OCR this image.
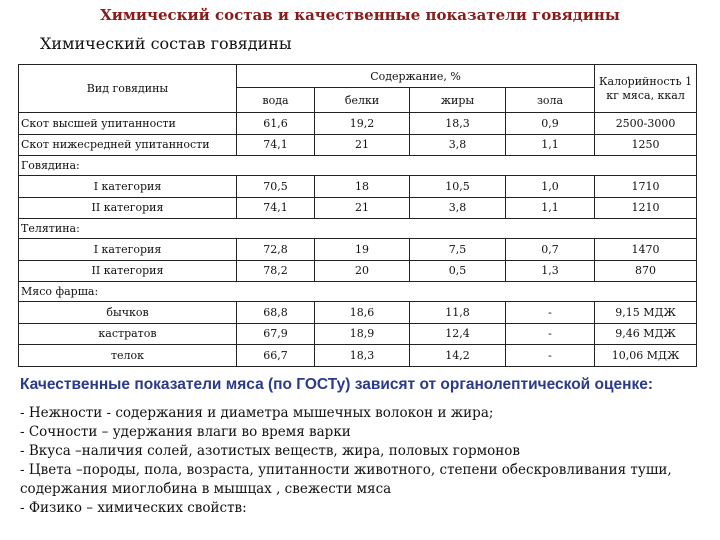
Химический состав и качественные показатели говядины
Химический состав говядины
Вид говядины	Содержание, %				Калорийность 1 кг мяса, ккал
	вода	белки	жиры	зола	
Скот высшей упитанности	61,6	19,2	18,3	0,9	2500-3000
Скот нижесредней упитанности	74,1	21	3,8	1,1	1250
Говядина:					
I категория	70,5	18	10,5	1,0	1710
II категория	74,1	21	3,8	1,1	1210
Телятина:					
I категория	72,8	19	7,5	0,7	1470
II категория	78,2	20	0,5	1,3	870
Мясо фарша:					
бычков	68,8	18,6	11,8	-	9,15 МДЖ
кастратов	67,9	18,9	12,4	-	9,46 МДЖ
телок	66,7	18,3	14,2	-	10,06 МДЖ
Качественные показатели мяса (по ГОСТу) зависят от органолептической оценке:
- Нежности - содержания и диаметра мышечных волокон и жира;
- Сочности – удержания влаги во время варки
- Вкуса –наличия солей, азотистых веществ, жира, половых гормонов
- Цвета –породы, пола, возраста, упитанности животного, степени обескровливания туши, содержания миоглобина в мышцах , свежести мяса
- Физико – химических свойств:
